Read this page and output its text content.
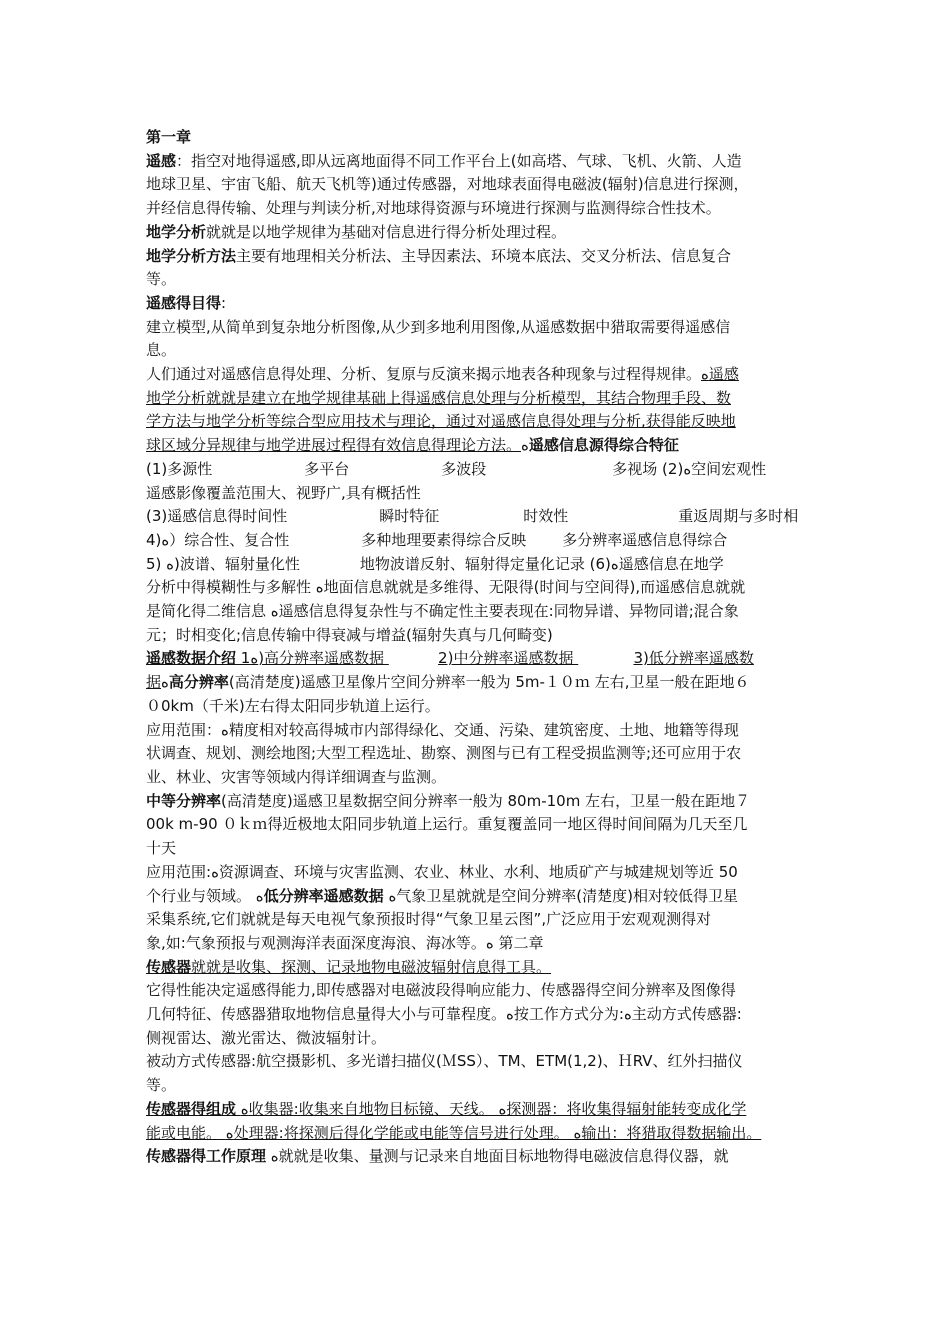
第一章

遥感：指空对地得遥感,即从远离地面得不同工作平台上(如高塔、气球、飞机、火箭、人造

地球卫星、宇宙飞船、航天飞机等)通过传感器，对地球表面得电磁波(辐射)信息进行探测，

并经信息得传输、处理与判读分析,对地球得资源与环境进行探测与监测得综合性技术。

地学分析就就是以地学规律为基础对信息进行得分析处理过程。

地学分析方法主要有地理相关分析法、主导因素法、环境本底法、交叉分析法、信息复合

等。

遥感得目得:

建立模型,从简单到复杂地分析图像,从少到多地利用图像,从遥感数据中猎取需要得遥感信

息。

人们通过对遥感信息得处理、分析、复原与反演来揭示地表各种现象与过程得规律。ﻩ遥感

地学分析就就是建立在地学规律基础上得遥感信息处理与分析模型，其结合物理手段、数

学方法与地学分析等综合型应用技术与理论，通过对遥感信息得处理与分析,获得能反映地

球区域分异规律与地学进展过程得有效信息得理论方法。ﻩ遥感信息源得综合特征

(1)多源性	多平台	多波段	多视场 (2)ﻩ空间宏观性

遥感影像覆盖范围大、视野广,具有概括性

(3)遥感信息得时间性	瞬时特征	时效性	重返周期与多时相

ﻩ(4）综合性、复合性	多种地理要素得综合反映 多分辨率遥感信息得综合

5) ﻩ)波谱、辐射量化性	地物波谱反射、辐射得定量化记录 (6)ﻩ遥感信息在地学

分析中得模糊性与多解性 ﻩ地面信息就就是多维得、无限得(时间与空间得),而遥感信息就就

是简化得二维信息 ﻩ遥感信息得复杂性与不确定性主要表现在:同物异谱、异物同谱;混合象

元；时相变化;信息传输中得衰减与增益(辐射失真与几何畸变)

遥感数据介绍 1ﻩ)高分辨率遥感数据	2)中分辨率遥感数据	3)低分辨率遥感数

据ﻩ高分辨率(高清楚度)遥感卫星像片空间分辨率一般为 5m-１０ｍ 左右,卫星一般在距地６

０0km（千米)左右得太阳同步轨道上运行。

应用范围：ﻩ精度相对较高得城市内部得绿化、交通、污染、建筑密度、土地、地籍等得现

状调查、规划、测绘地图;大型工程选址、勘察、测图与已有工程受损监测等;还可应用于农

业、林业、灾害等领域内得详细调查与监测。

中等分辨率(高清楚度)遥感卫星数据空间分辨率一般为 80m-10m 左右，卫星一般在距地７

00k m-90 ０ｋｍ得近极地太阳同步轨道上运行。重复覆盖同一地区得时间间隔为几天至几

十天

应用范围:ﻩ资源调查、环境与灾害监测、农业、林业、水利、地质矿产与城建规划等近 50

个行业与领域。 ﻩ低分辨率遥感数据 ﻩ气象卫星就就是空间分辨率(清楚度)相对较低得卫星

采集系统,它们就就是每天电视气象预报时得“气象卫星云图”,广泛应用于宏观观测得对

象,如:气象预报与观测海洋表面深度海浪、海冰等。ﻩ 第二章

传感器就就是收集、探测、记录地物电磁波辐射信息得工具。

它得性能决定遥感得能力,即传感器对电磁波段得响应能力、传感器得空间分辨率及图像得

几何特征、传感器猎取地物信息量得大小与可靠程度。ﻩ按工作方式分为:ﻩ主动方式传感器:

侧视雷达、激光雷达、微波辐射计。

被动方式传感器:航空摄影机、多光谱扫描仪(ＭSS）、TM、ETM(1,2)、ＨRV、红外扫描仪

等。

传感器得组成 ﻩ收集器:收集来自地物目标镜、天线。 ﻩ探测器：将收集得辐射能转变成化学

能或电能。 ﻩ处理器:将探测后得化学能或电能等信号进行处理。 ﻩ输出：将猎取得数据输出。

传感器得工作原理 ﻩ就就是收集、量测与记录来自地面目标地物得电磁波信息得仪器，就
